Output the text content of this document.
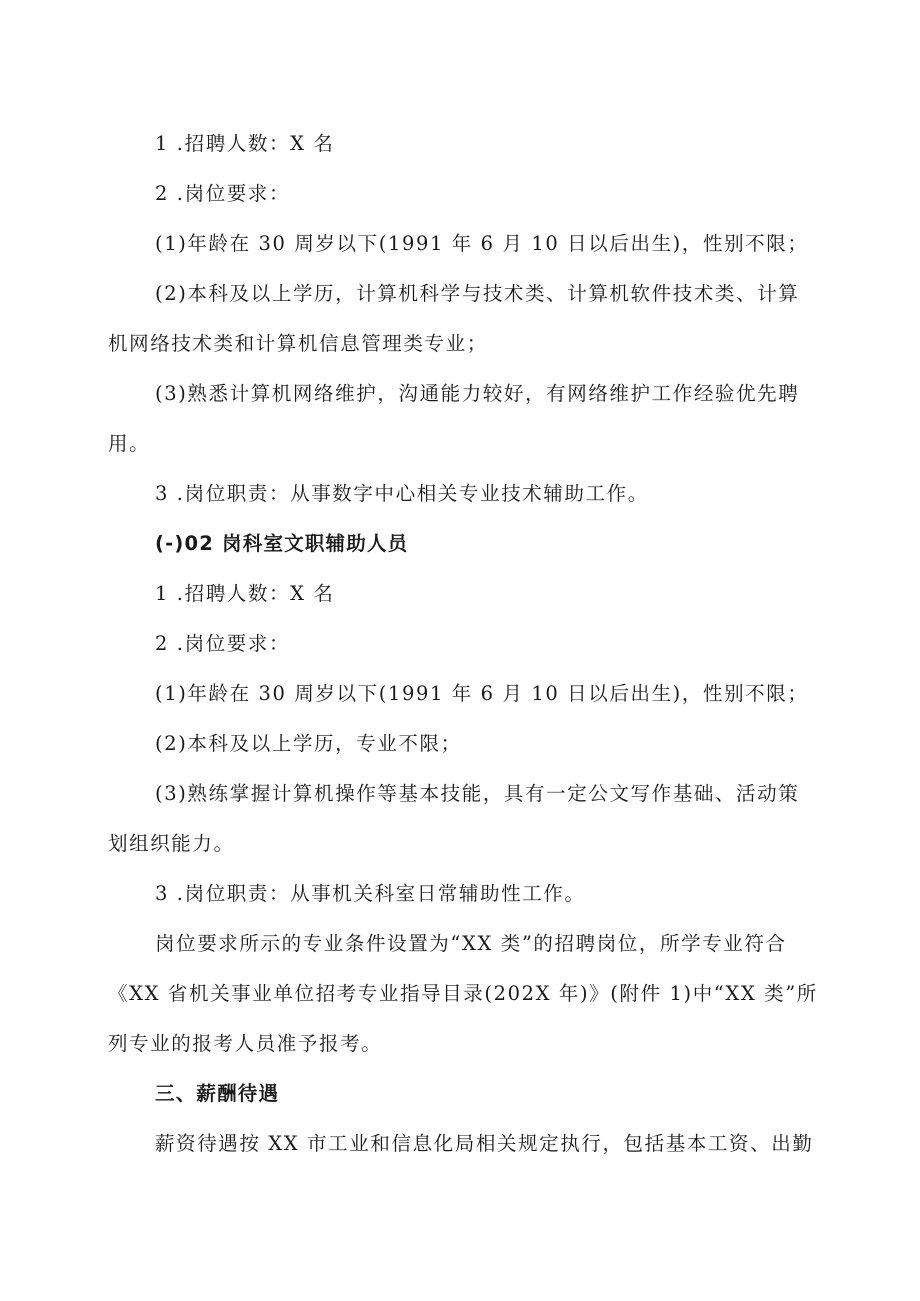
1 .招聘人数：X 名
2 .岗位要求：
(1)年龄在 30 周岁以下(1991 年 6 月 10 日以后出生)，性别不限；
(2)本科及以上学历，计算机科学与技术类、计算机软件技术类、计算
机网络技术类和计算机信息管理类专业；
(3)熟悉计算机网络维护，沟通能力较好，有网络维护工作经验优先聘
用。
3 .岗位职责：从事数字中心相关专业技术辅助工作。
(-)02 岗科室文职辅助人员
1 .招聘人数：X 名
2 .岗位要求：
(1)年龄在 30 周岁以下(1991 年 6 月 10 日以后出生)，性别不限；
(2)本科及以上学历，专业不限；
(3)熟练掌握计算机操作等基本技能，具有一定公文写作基础、活动策
划组织能力。
3 .岗位职责：从事机关科室日常辅助性工作。
岗位要求所示的专业条件设置为“XX 类”的招聘岗位，所学专业符合
《XX 省机关事业单位招考专业指导目录(202X 年)》(附件 1)中“XX 类”所
列专业的报考人员准予报考。
三、薪酬待遇
薪资待遇按 XX 市工业和信息化局相关规定执行，包括基本工资、出勤
